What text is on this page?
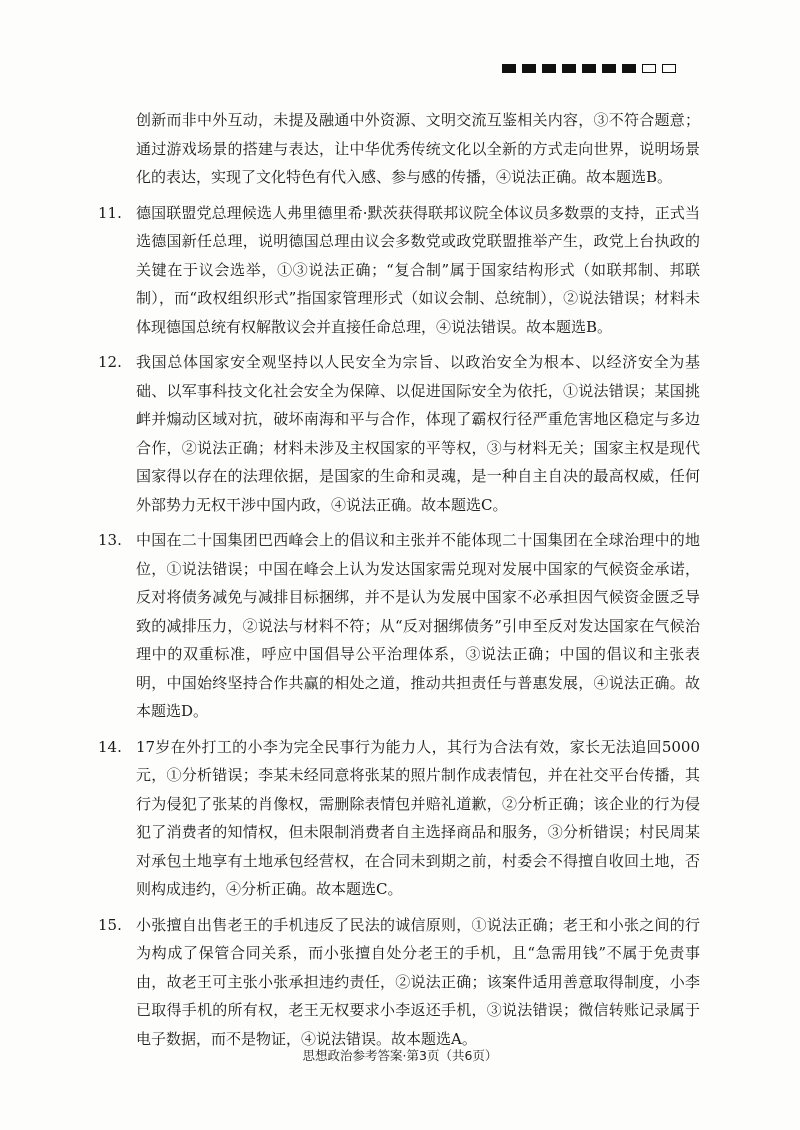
创新而非中外互动，未提及融通中外资源、文明交流互鉴相关内容，③不符合题意；通过游戏场景的搭建与表达，让中华优秀传统文化以全新的方式走向世界，说明场景化的表达，实现了文化特色有代入感、参与感的传播，④说法正确。故本题选B。

11. 德国联盟党总理候选人弗里德里希·默茨获得联邦议院全体议员多数票的支持，正式当选德国新任总理，说明德国总理由议会多数党或政党联盟推举产生，政党上台执政的关键在于议会选举，①③说法正确；“复合制”属于国家结构形式（如联邦制、邦联制），而“政权组织形式”指国家管理形式（如议会制、总统制），②说法错误；材料未体现德国总统有权解散议会并直接任命总理，④说法错误。故本题选B。

12. 我国总体国家安全观坚持以人民安全为宗旨、以政治安全为根本、以经济安全为基础、以军事科技文化社会安全为保障、以促进国际安全为依托，①说法错误；某国挑衅并煽动区域对抗，破坏南海和平与合作，体现了霸权行径严重危害地区稳定与多边合作，②说法正确；材料未涉及主权国家的平等权，③与材料无关；国家主权是现代国家得以存在的法理依据，是国家的生命和灵魂，是一种自主自决的最高权威，任何外部势力无权干涉中国内政，④说法正确。故本题选C。

13. 中国在二十国集团巴西峰会上的倡议和主张并不能体现二十国集团在全球治理中的地位，①说法错误；中国在峰会上认为发达国家需兑现对发展中国家的气候资金承诺，反对将债务减免与减排目标捆绑，并不是认为发展中国家不必承担因气候资金匮乏导致的减排压力，②说法与材料不符；从“反对捆绑债务”引申至反对发达国家在气候治理中的双重标准，呼应中国倡导公平治理体系，③说法正确；中国的倡议和主张表明，中国始终坚持合作共赢的相处之道，推动共担责任与普惠发展，④说法正确。故本题选D。

14. 17岁在外打工的小李为完全民事行为能力人，其行为合法有效，家长无法追回5000元，①分析错误；李某未经同意将张某的照片制作成表情包，并在社交平台传播，其行为侵犯了张某的肖像权，需删除表情包并赔礼道歉，②分析正确；该企业的行为侵犯了消费者的知情权，但未限制消费者自主选择商品和服务，③分析错误；村民周某对承包土地享有土地承包经营权，在合同未到期之前，村委会不得擅自收回土地，否则构成违约，④分析正确。故本题选C。

15. 小张擅自出售老王的手机违反了民法的诚信原则，①说法正确；老王和小张之间的行为构成了保管合同关系，而小张擅自处分老王的手机，且“急需用钱”不属于免责事由，故老王可主张小张承担违约责任，②说法正确；该案件适用善意取得制度，小李已取得手机的所有权，老王无权要求小李返还手机，③说法错误；微信转账记录属于电子数据，而不是物证，④说法错误。故本题选A。

思想政治参考答案·第3页（共6页）
